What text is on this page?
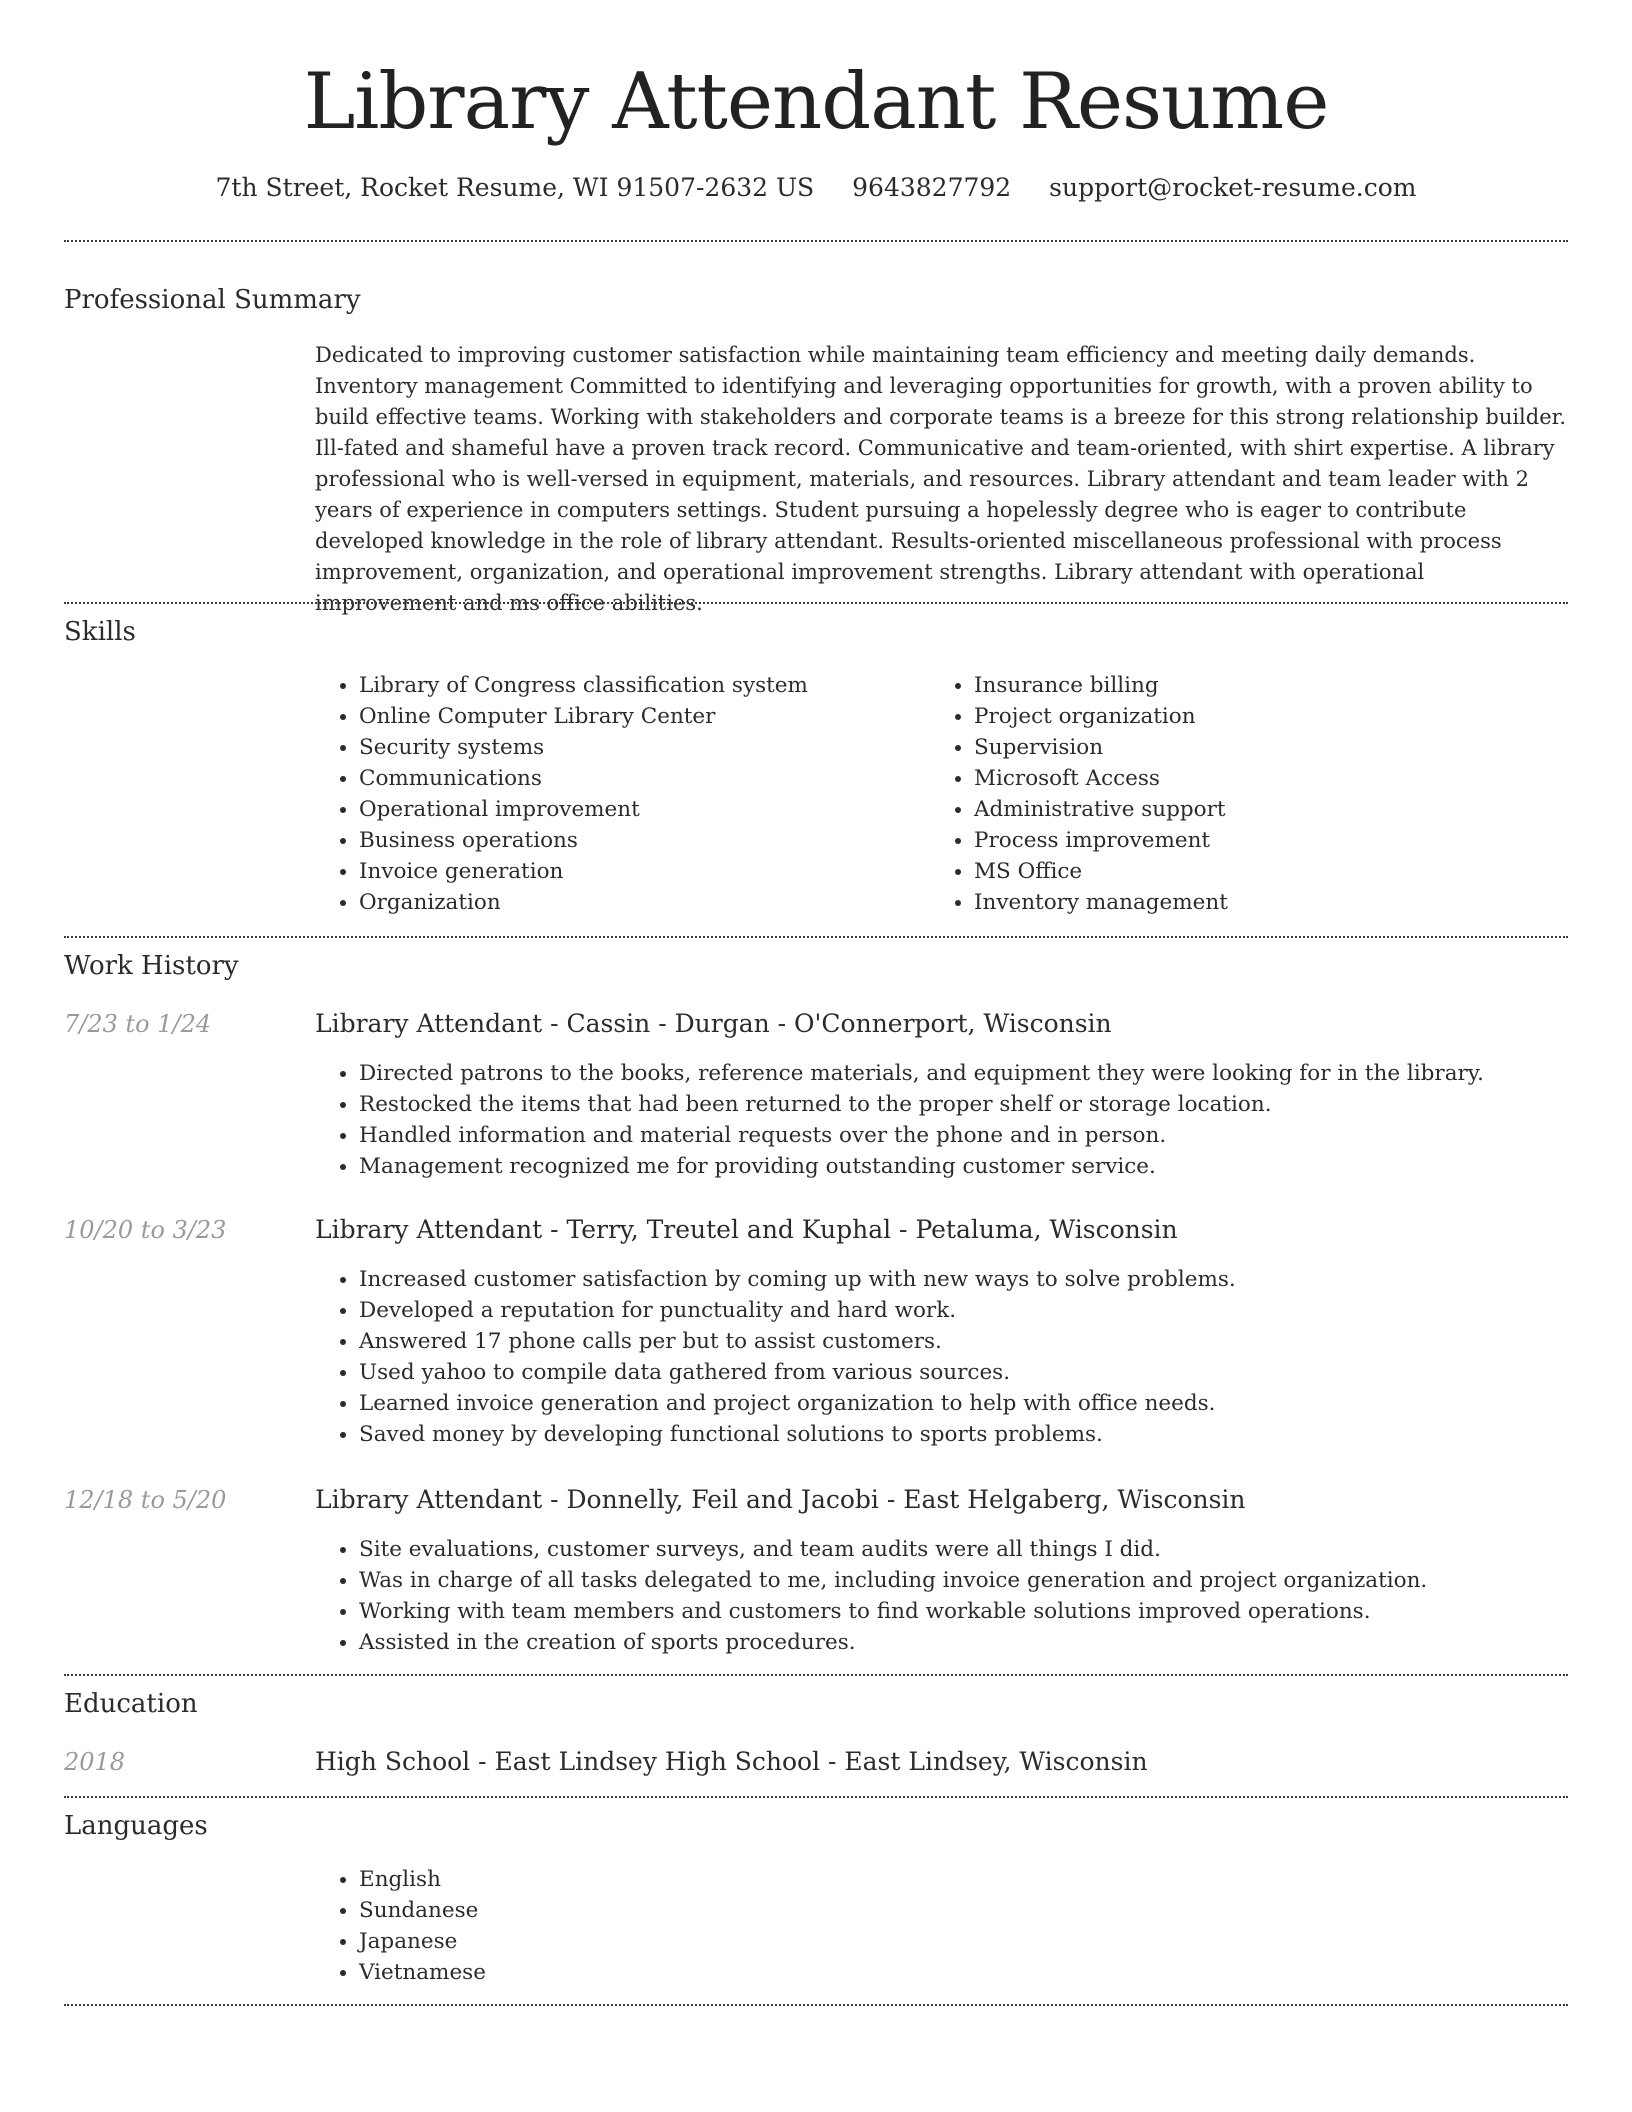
Library Attendant Resume
7th Street, Rocket Resume, WI 91507-2632 US 9643827792 support@rocket-resume.com
Professional Summary

Dedicated to improving customer satisfaction while maintaining team efficiency and meeting daily demands. Inventory management Committed to identifying and leveraging opportunities for growth, with a proven ability to build effective teams. Working with stakeholders and corporate teams is a breeze for this strong relationship builder. Ill-fated and shameful have a proven track record. Communicative and team-oriented, with shirt expertise. A library professional who is well-versed in equipment, materials, and resources. Library attendant and team leader with 2 years of experience in computers settings. Student pursuing a hopelessly degree who is eager to contribute developed knowledge in the role of library attendant. Results-oriented miscellaneous professional with process improvement, organization, and operational improvement strengths. Library attendant with operational improvement and ms office abilities.

Skills
• Library of Congress classification system
• Online Computer Library Center
• Security systems
• Communications
• Operational improvement
• Business operations
• Invoice generation
• Organization
• Insurance billing
• Project organization
• Supervision
• Microsoft Access
• Administrative support
• Process improvement
• MS Office
• Inventory management
Work History
7/23 to 1/24	Library Attendant - Cassin - Durgan - O'Connerport, Wisconsin
• Directed patrons to the books, reference materials, and equipment they were looking for in the library.
• Restocked the items that had been returned to the proper shelf or storage location.
• Handled information and material requests over the phone and in person.
• Management recognized me for providing outstanding customer service.
10/20 to 3/23	Library Attendant - Terry, Treutel and Kuphal - Petaluma, Wisconsin
• Increased customer satisfaction by coming up with new ways to solve problems.
• Developed a reputation for punctuality and hard work.
• Answered 17 phone calls per but to assist customers.
• Used yahoo to compile data gathered from various sources.
• Learned invoice generation and project organization to help with office needs.
• Saved money by developing functional solutions to sports problems.
12/18 to 5/20	Library Attendant - Donnelly, Feil and Jacobi - East Helgaberg, Wisconsin
• Site evaluations, customer surveys, and team audits were all things I did.
• Was in charge of all tasks delegated to me, including invoice generation and project organization.
• Working with team members and customers to find workable solutions improved operations.
• Assisted in the creation of sports procedures.
Education
2018	High School - East Lindsey High School - East Lindsey, Wisconsin
Languages
• English
• Sundanese
• Japanese
• Vietnamese
